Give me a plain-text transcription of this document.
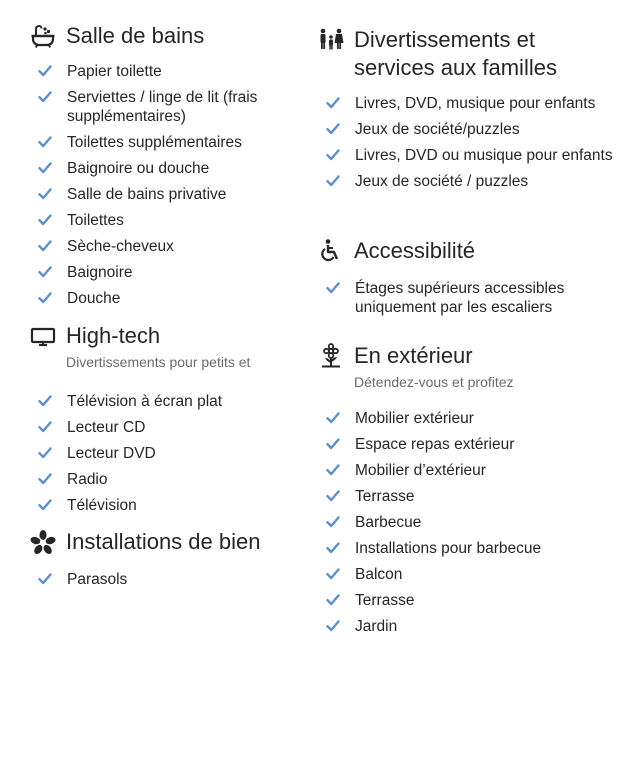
Salle de bains
Papier toilette
Serviettes / linge de lit (frais supplémentaires)
Toilettes supplémentaires
Baignoire ou douche
Salle de bains privative
Toilettes
Sèche-cheveux
Baignoire
Douche
High-tech
Divertissements pour petits et
Télévision à écran plat
Lecteur CD
Lecteur DVD
Radio
Télévision
Installations de bien
Parasols
Divertissements et
services aux familles
Livres, DVD, musique pour enfants
Jeux de société/puzzles
Livres, DVD ou musique pour enfants
Jeux de société / puzzles
Accessibilité
Étages supérieurs accessibles uniquement par les escaliers
En extérieur
Détendez-vous et profitez
Mobilier extérieur
Espace repas extérieur
Mobilier d’extérieur
Terrasse
Barbecue
Installations pour barbecue
Balcon
Terrasse
Jardin
